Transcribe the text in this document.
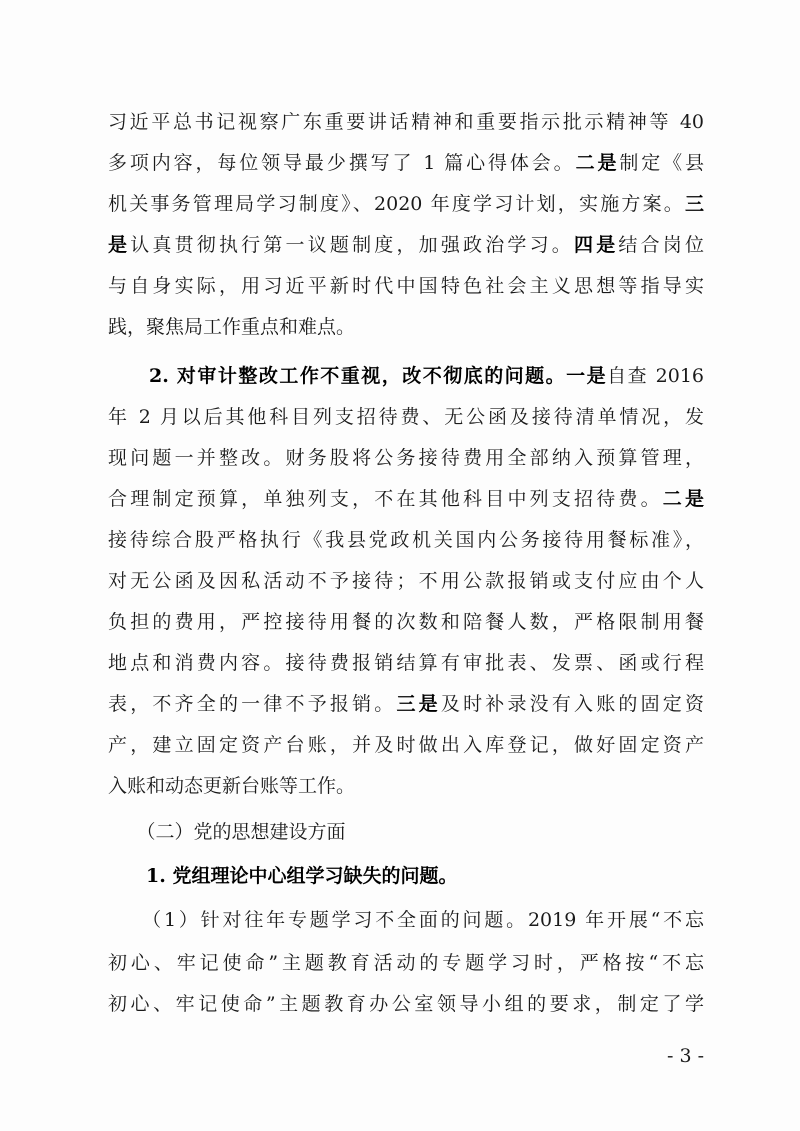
习近平总书记视察广东重要讲话精神和重要指示批示精神等 40
多项内容，每位领导最少撰写了 1 篇心得体会。二是制定《县
机关事务管理局学习制度》、2020 年度学习计划，实施方案。三
是认真贯彻执行第一议题制度，加强政治学习。四是结合岗位
与自身实际，用习近平新时代中国特色社会主义思想等指导实
践，聚焦局工作重点和难点。
　　2. 对审计整改工作不重视，改不彻底的问题。一是自查 2016
年 2 月以后其他科目列支招待费、无公函及接待清单情况，发
现问题一并整改。财务股将公务接待费用全部纳入预算管理，
合理制定预算，单独列支，不在其他科目中列支招待费。二是
接待综合股严格执行《我县党政机关国内公务接待用餐标准》，
对无公函及因私活动不予接待；不用公款报销或支付应由个人
负担的费用，严控接待用餐的次数和陪餐人数，严格限制用餐
地点和消费内容。接待费报销结算有审批表、发票、函或行程
表，不齐全的一律不予报销。三是及时补录没有入账的固定资
产，建立固定资产台账，并及时做出入库登记，做好固定资产
入账和动态更新台账等工作。
　　（二）党的思想建设方面
　　1. 党组理论中心组学习缺失的问题。
　　（1）针对往年专题学习不全面的问题。2019 年开展“不忘
初心、牢记使命”主题教育活动的专题学习时，严格按“不忘
初心、牢记使命”主题教育办公室领导小组的要求，制定了学
- 3 -
